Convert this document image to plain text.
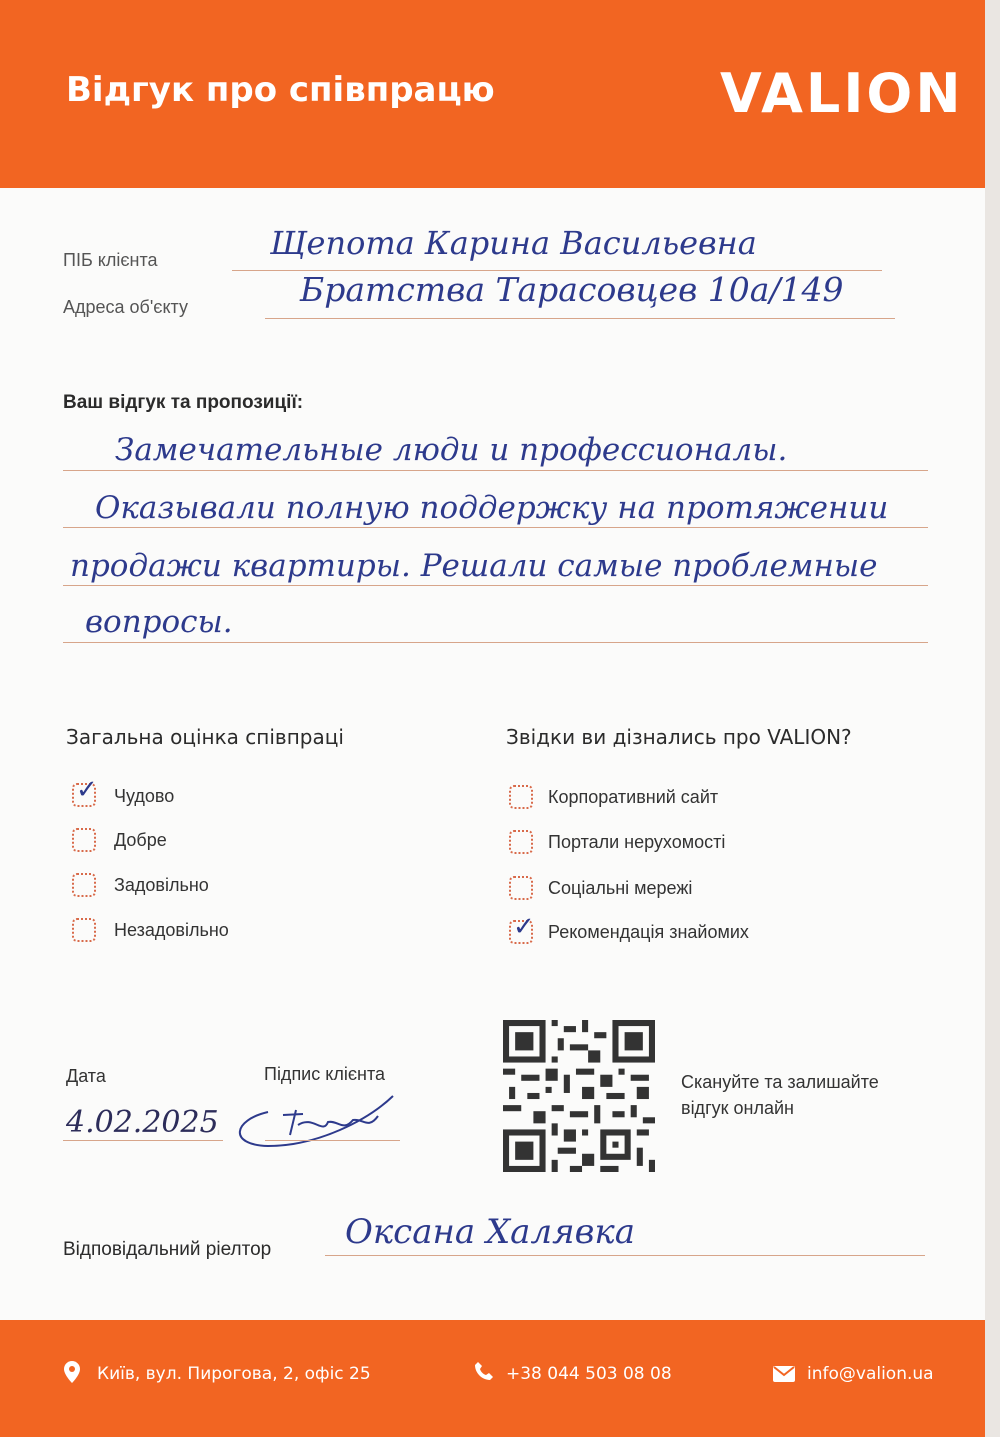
Відгук про співпрацю	VALION
ПІБ клієнта	Щепота Карина Васильевна
Адреса об'єкту	Братства Тарасовцев 10а/149
Ваш відгук та пропозиції:
Замечательные люди и профессионалы.
Оказывали полную поддержку на протяжении
продажи квартиры. Решали самые проблемные
вопросы.
Загальна оцінка співпраці
✓ Чудово
Добре
Задовільно
Незадовільно
Звідки ви дізнались про VALION?
Корпоративний сайт
Портали нерухомості
Соціальні мережі
✓ Рекомендація знайомих
Дата
4.02.2025
Підпис клієнта	Скануйте та залишайте
відгук онлайн
Відповідальний ріелтор Оксана Халявка
Київ, вул. Пирогова, 2, офіс 25	+38 044 503 08 08	info@valion.ua
